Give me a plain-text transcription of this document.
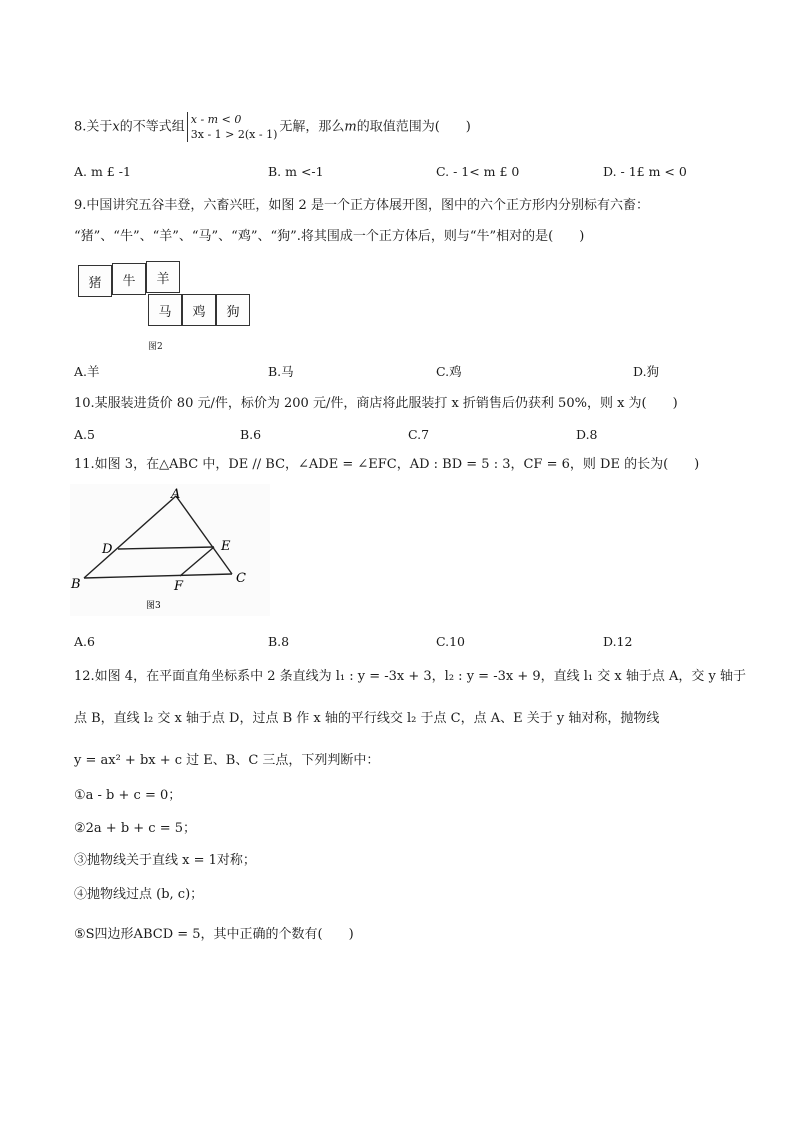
8.关于x的不等式组 x - m < 0
3x - 1 > 2(x - 1) 无解，那么m的取值范围为(　　)
A. m £ -1	B. m <-1	C. - 1< m £ 0	D. - 1£ m < 0
9.中国讲究五谷丰登，六畜兴旺，如图 2 是一个正方体展开图，图中的六个正方形内分别标有六畜：
“猪”、“牛”、“羊”、“马”、“鸡”、“狗”.将其围成一个正方体后，则与“牛”相对的是(　　)
猪	牛	羊
马	鸡	狗
图2
A.羊	B.马	C.鸡	D.狗
10.某服装进货价 80 元/件，标价为 200 元/件，商店将此服装打 x 折销售后仍获利 50%，则 x 为(　　)
A.5	B.6	C.7	D.8
11.如图 3，在△ABC 中，DE // BC，∠ADE = ∠EFC，AD : BD = 5 : 3，CF = 6，则 DE 的长为(　　)
A
B	C
D	E
F
图3
A.6	B.8	C.10	D.12
12.如图 4，在平面直角坐标系中 2 条直线为 l₁ : y = -3x + 3，l₂ : y = -3x + 9，直线 l₁ 交 x 轴于点 A，交 y 轴于
点 B，直线 l₂ 交 x 轴于点 D，过点 B 作 x 轴的平行线交 l₂ 于点 C，点 A、E 关于 y 轴对称，抛物线
y = ax² + bx + c 过 E、B、C 三点，下列判断中：
①a - b + c = 0；
②2a + b + c = 5；
③抛物线关于直线 x = 1对称；
④抛物线过点 (b, c)；
⑤S四边形ABCD = 5，其中正确的个数有(　　)
